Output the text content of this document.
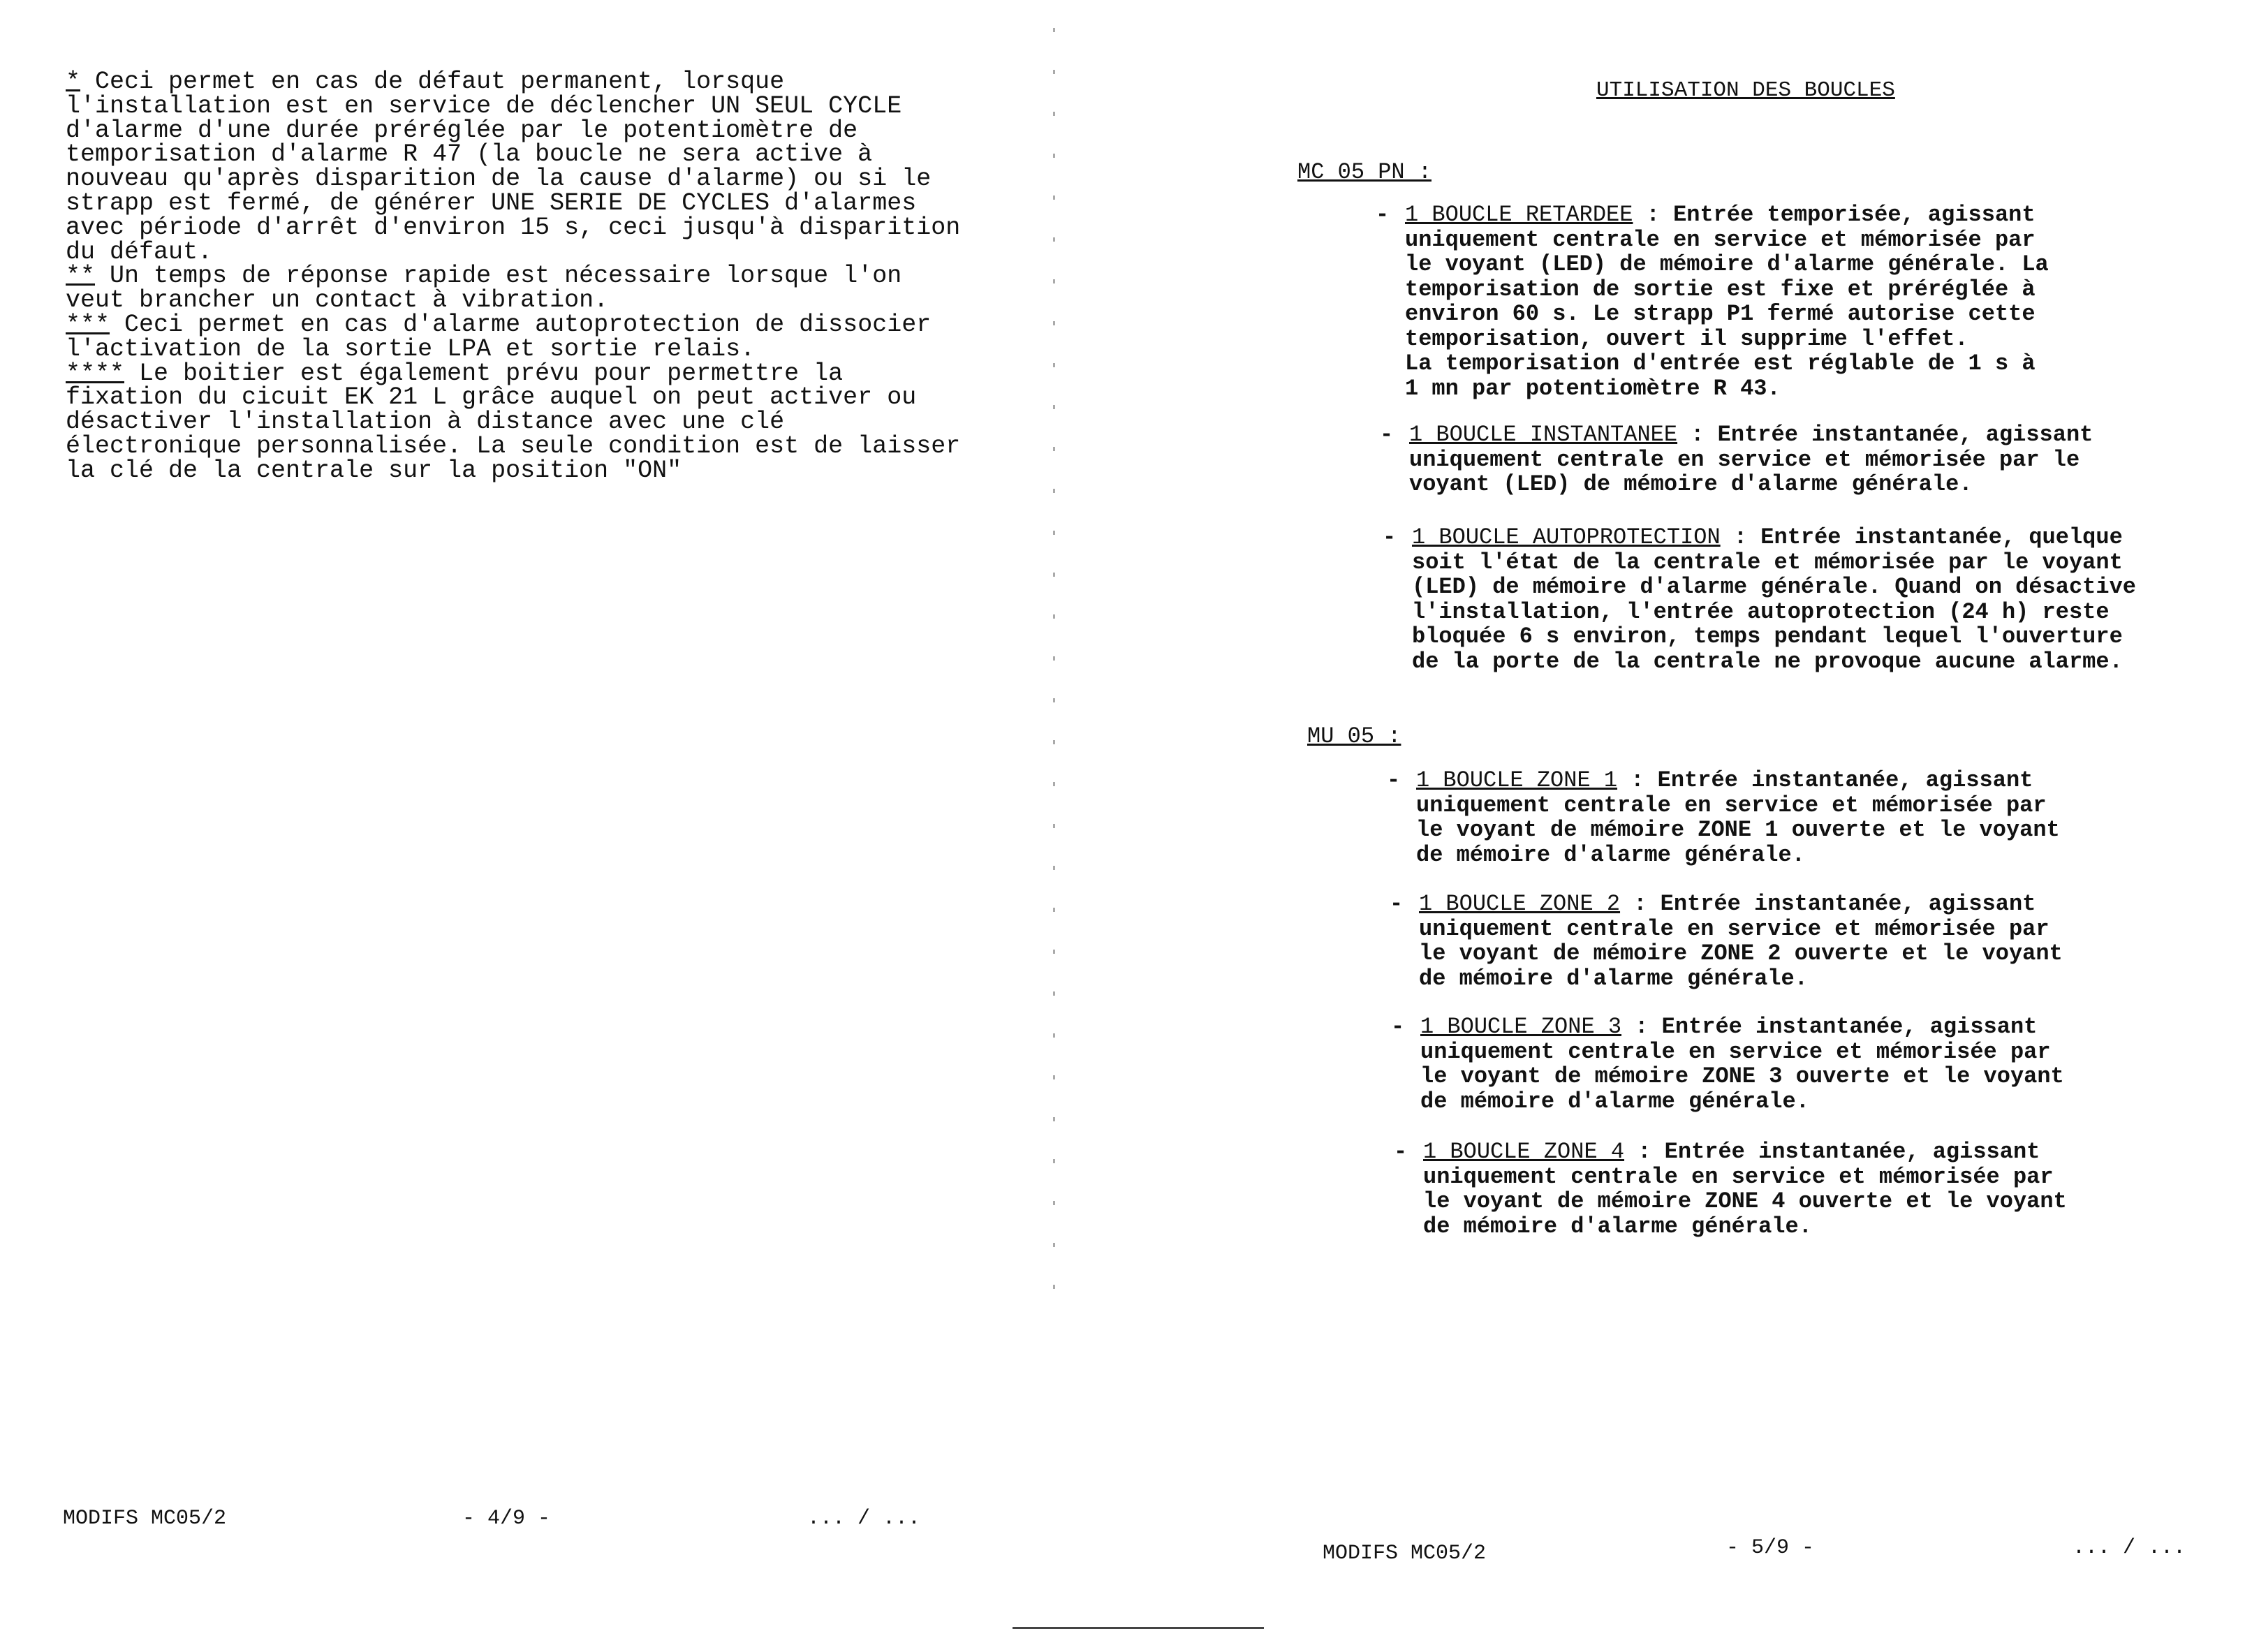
* Ceci permet en cas de défaut permanent, lorsque
l'installation est en service de déclencher UN SEUL CYCLE
d'alarme d'une durée préréglée par le potentiomètre de
temporisation d'alarme R 47 (la boucle ne sera active à
nouveau qu'après disparition de la cause d'alarme) ou si le
strapp est fermé, de générer UNE SERIE DE CYCLES d'alarmes
avec période d'arrêt d'environ 15 s, ceci jusqu'à disparition
du défaut.
** Un temps de réponse rapide est nécessaire lorsque l'on
veut brancher un contact à vibration.
*** Ceci permet en cas d'alarme autoprotection de dissocier
l'activation de la sortie LPA et sortie relais.
**** Le boitier est également prévu pour permettre la
fixation du cicuit EK 21 L grâce auquel on peut activer ou
désactiver l'installation à distance avec une clé
électronique personnalisée. La seule condition est de laisser
la clé de la centrale sur la position "ON"
MODIFS MC05/2	- 4/9 -	... / ...
UTILISATION DES BOUCLES
MC 05 PN :
- 1 BOUCLE RETARDEE : Entrée temporisée, agissant
uniquement centrale en service et mémorisée par
le voyant (LED) de mémoire d'alarme générale. La
temporisation de sortie est fixe et préréglée à
environ 60 s. Le strapp P1 fermé autorise cette
temporisation, ouvert il supprime l'effet.
La temporisation d'entrée est réglable de 1 s à
1 mn par potentiomètre R 43.
- 1 BOUCLE INSTANTANEE : Entrée instantanée, agissant
uniquement centrale en service et mémorisée par le
voyant (LED) de mémoire d'alarme générale.
- 1 BOUCLE AUTOPROTECTION : Entrée instantanée, quelque
soit l'état de la centrale et mémorisée par le voyant
(LED) de mémoire d'alarme générale. Quand on désactive
l'installation, l'entrée autoprotection (24 h) reste
bloquée 6 s environ, temps pendant lequel l'ouverture
de la porte de la centrale ne provoque aucune alarme.
MU 05 :
- 1 BOUCLE ZONE 1 : Entrée instantanée, agissant
uniquement centrale en service et mémorisée par
le voyant de mémoire ZONE 1 ouverte et le voyant
de mémoire d'alarme générale.
- 1 BOUCLE ZONE 2 : Entrée instantanée, agissant
uniquement centrale en service et mémorisée par
le voyant de mémoire ZONE 2 ouverte et le voyant
de mémoire d'alarme générale.
- 1 BOUCLE ZONE 3 : Entrée instantanée, agissant
uniquement centrale en service et mémorisée par
le voyant de mémoire ZONE 3 ouverte et le voyant
de mémoire d'alarme générale.
- 1 BOUCLE ZONE 4 : Entrée instantanée, agissant
uniquement centrale en service et mémorisée par
le voyant de mémoire ZONE 4 ouverte et le voyant
de mémoire d'alarme générale.
MODIFS MC05/2	- 5/9 -	... / ...
